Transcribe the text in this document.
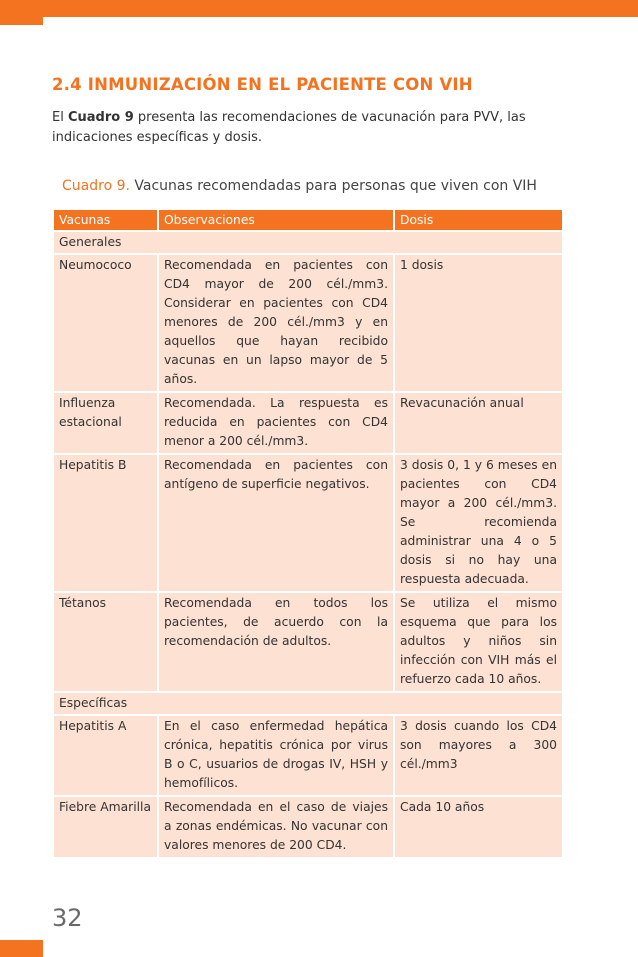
2.4 INMUNIZACIÓN EN EL PACIENTE CON VIH

El Cuadro 9 presenta las recomendaciones de vacunación para PVV, las indicaciones específicas y dosis.

Cuadro 9. Vacunas recomendadas para personas que viven con VIH

Vacunas	Observaciones	Dosis
Generales		
Neumococo	Recomendada en pacientes con CD4 mayor de 200 cél./mm3. Considerar en pacientes con CD4 menores de 200 cél./mm3 y en aquellos que hayan recibido vacunas en un lapso mayor de 5 años.	1 dosis
Influenza estacional	Recomendada. La respuesta es reducida en pacientes con CD4 menor a 200 cél./mm3.	Revacunación anual
Hepatitis B	Recomendada en pacientes con antígeno de superficie negativos.	3 dosis 0, 1 y 6 meses en pacientes con CD4 mayor a 200 cél./mm3. Se recomienda administrar una 4 o 5 dosis si no hay una respuesta adecuada.
Tétanos	Recomendada en todos los pacientes, de acuerdo con la recomendación de adultos.	Se utiliza el mismo esquema que para los adultos y niños sin infección con VIH más el refuerzo cada 10 años.
Específicas		
Hepatitis A	En el caso enfermedad hepática crónica, hepatitis crónica por virus B o C, usuarios de drogas IV, HSH y hemofílicos.	3 dosis cuando los CD4 son mayores a 300 cél./mm3
Fiebre Amarilla	Recomendada en el caso de viajes a zonas endémicas. No vacunar con valores menores de 200 CD4.	Cada 10 años

32
